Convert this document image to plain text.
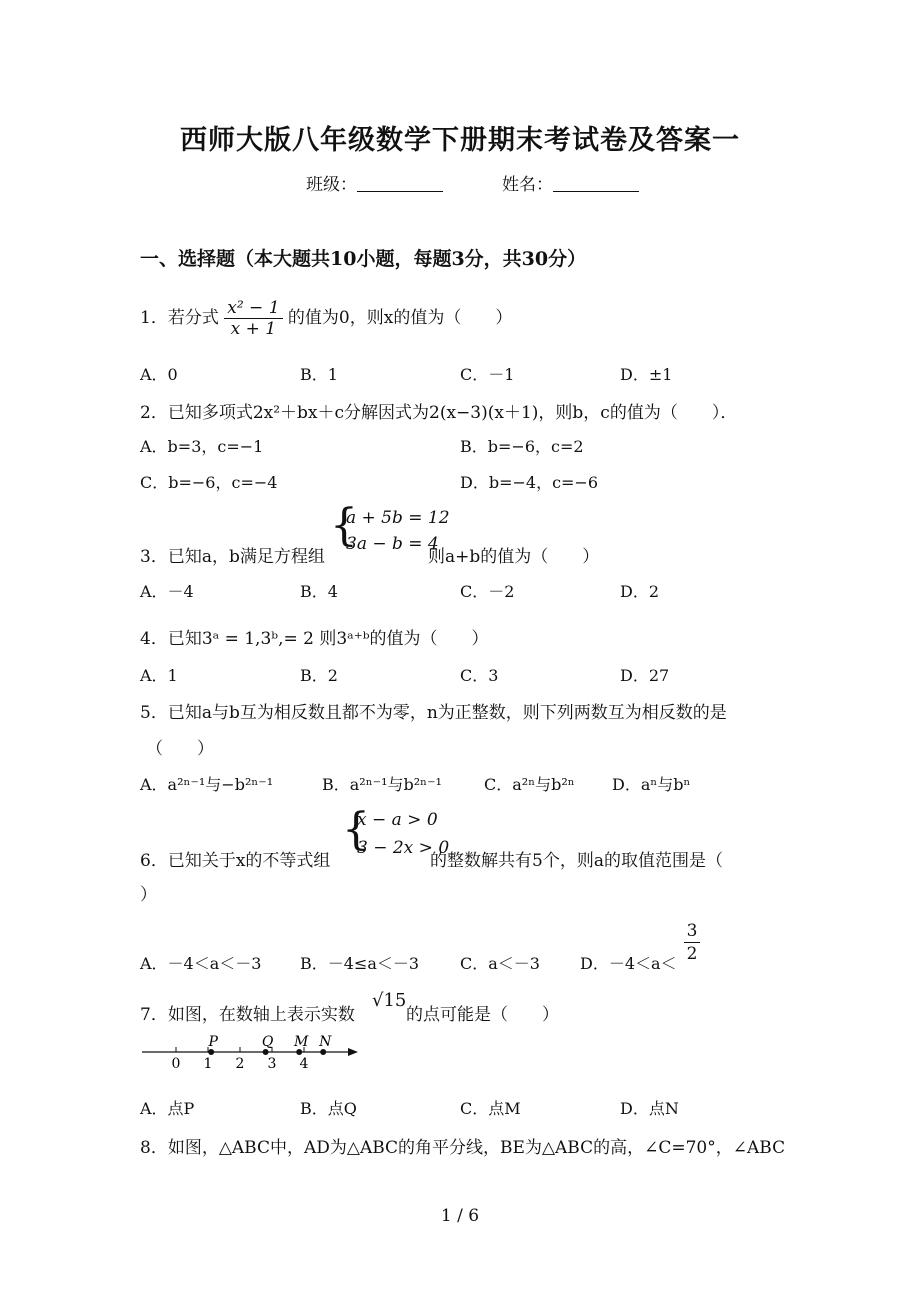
西师大版八年级数学下册期末考试卷及答案一
班级：	姓名：
一、选择题（本大题共10小题，每题3分，共30分）
1．若分式 $\frac{\text{x² − 1}}{x + 1}$ 的值为0，则x的值为（　　）
A．0	B．1	C．－1	D．±1
2．已知多项式2x²＋bx＋c分解因式为2(x−3)(x＋1)，则b，c的值为（　　）．
A．b=3，c=−1	B．b=−6，c=2
C．b=−6，c=−4	D．b=−4，c=−6
3．已知a，b满足方程组
{
a + 5b = 12
3a − b = 4
则a+b的值为（　　）
A．－4	B．4	C．－2	D．2
4．已知3ᵃ = 1,3ᵇ,= 2 则3ᵃ⁺ᵇ的值为（　　）
A．1	B．2	C．3	D．27
5．已知a与b互为相反数且都不为零，n为正整数，则下列两数互为相反数的是
（　　）
A．a²ⁿ⁻¹与−b²ⁿ⁻¹	B．a²ⁿ⁻¹与b²ⁿ⁻¹	C．a²ⁿ与b²ⁿ D．aⁿ与bⁿ
6．已知关于x的不等式组
{
x − a > 0
3 − 2x > 0
的整数解共有5个，则a的取值范围是（
）
A．－4＜a＜－3 B．－4≤a＜－3	C．a＜－3	D．$-4<a< \frac{3}{2}$
7．如图，在数轴上表示实数
√15
的点可能是（　　）
0 1 2 3 4
P	Q M N
A．点P	B．点Q	C．点M	D．点N
8．如图，△ABC中，AD为△ABC的角平分线，BE为△ABC的高，∠C=70°，∠ABC
1 / 6
